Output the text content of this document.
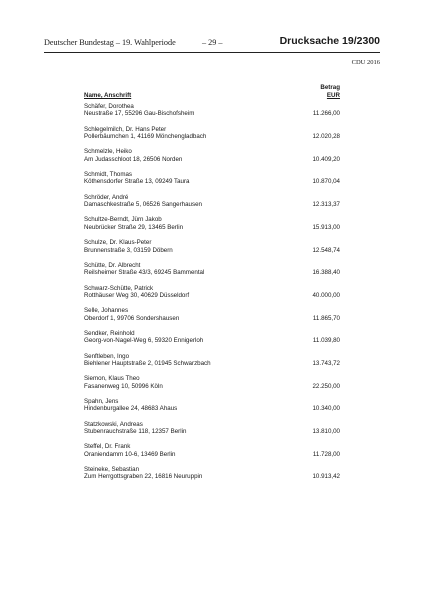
Deutscher Bundestag – 19. Wahlperiode	– 29 –	Drucksache 19/2300
CDU 2016
Betrag
EUR
Name, Anschrift
Schäfer, Dorothea
Neustraße 17, 55296 Gau-Bischofsheim	11.266,00
Schlegelmilch, Dr. Hans Peter
Pollerbäumchen 1, 41169 Mönchengladbach	12.020,28
Schmelzle, Heiko
Am Judasschloot 18, 26506 Norden	10.409,20
Schmidt, Thomas
Köthensdorfer Straße 13, 09249 Taura	10.870,04
Schröder, André
Damaschkestraße 5, 06526 Sangerhausen	12.313,37
Schultze-Berndt, Jürn Jakob
Neubrücker Straße 29, 13465 Berlin	15.913,00
Schulze, Dr. Klaus-Peter
Brunnenstraße 3, 03159 Döbern	12.548,74
Schütte, Dr. Albrecht
Reilsheimer Straße 43/3, 69245 Bammental	16.388,40
Schwarz-Schütte, Patrick
Rotthäuser Weg 30, 40629 Düsseldorf	40.000,00
Selle, Johannes
Oberdorf 1, 99706 Sondershausen	11.865,70
Sendker, Reinhold
Georg-von-Nagel-Weg 6, 59320 Ennigerloh	11.039,80
Senftleben, Ingo
Biehlener Hauptstraße 2, 01945 Schwarzbach	13.743,72
Siemon, Klaus Theo
Fasanenweg 10, 50996 Köln	22.250,00
Spahn, Jens
Hindenburgallee 24, 48683 Ahaus	10.340,00
Statzkowski, Andreas
Stubenrauchstraße 118, 12357 Berlin	13.810,00
Steffel, Dr. Frank
Oraniendamm 10-6, 13469 Berlin	11.728,00
Steineke, Sebastian
Zum Herrgottsgraben 22, 16816 Neuruppin	10.913,42
